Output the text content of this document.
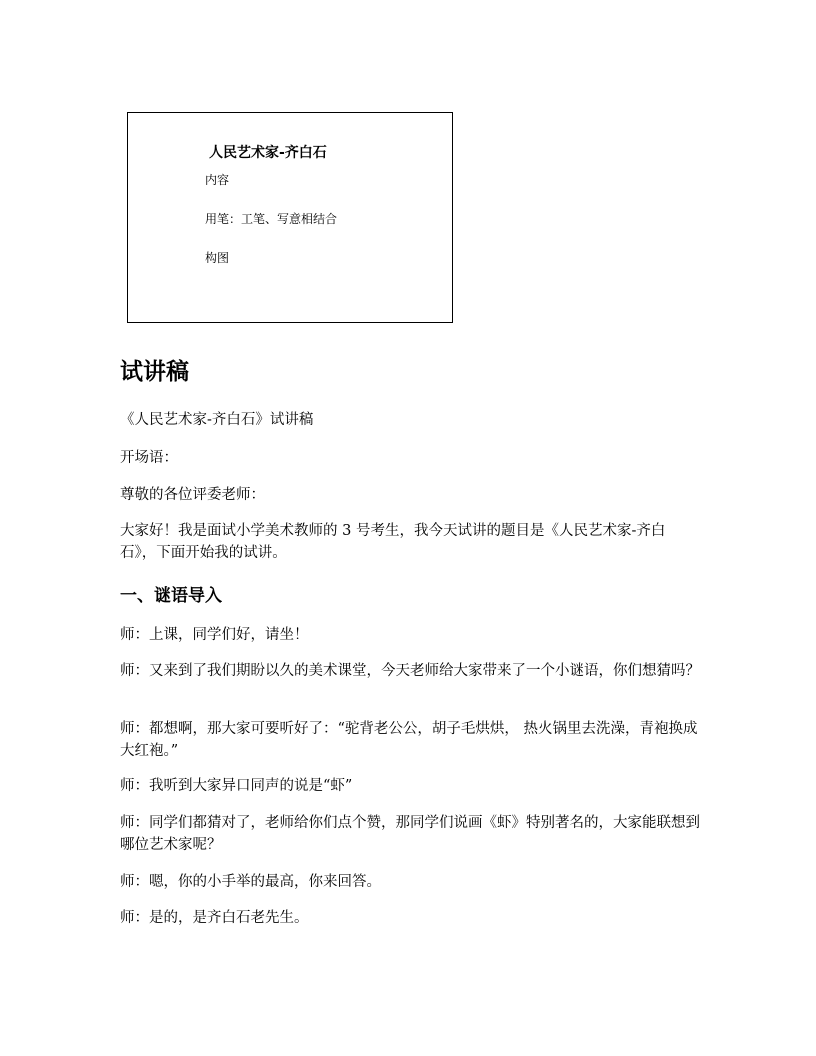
人民艺术家-齐白石
内容
用笔：工笔、写意相结合
构图
试讲稿

《人民艺术家-齐白石》试讲稿

开场语：

尊敬的各位评委老师：

大家好！我是面试小学美术教师的 3 号考生，我今天试讲的题目是《人民艺术家-齐白石》，下面开始我的试讲。

一、谜语导入

师：上课，同学们好，请坐！

师：又来到了我们期盼以久的美术课堂，今天老师给大家带来了一个小谜语，你们想猜吗？

师：都想啊，那大家可要听好了：“驼背老公公，胡子毛烘烘， 热火锅里去洗澡，青袍换成大红袍。”

师：我听到大家异口同声的说是“虾”

师：同学们都猜对了，老师给你们点个赞，那同学们说画《虾》特别著名的，大家能联想到哪位艺术家呢？

师：嗯，你的小手举的最高，你来回答。

师：是的，是齐白石老先生。
